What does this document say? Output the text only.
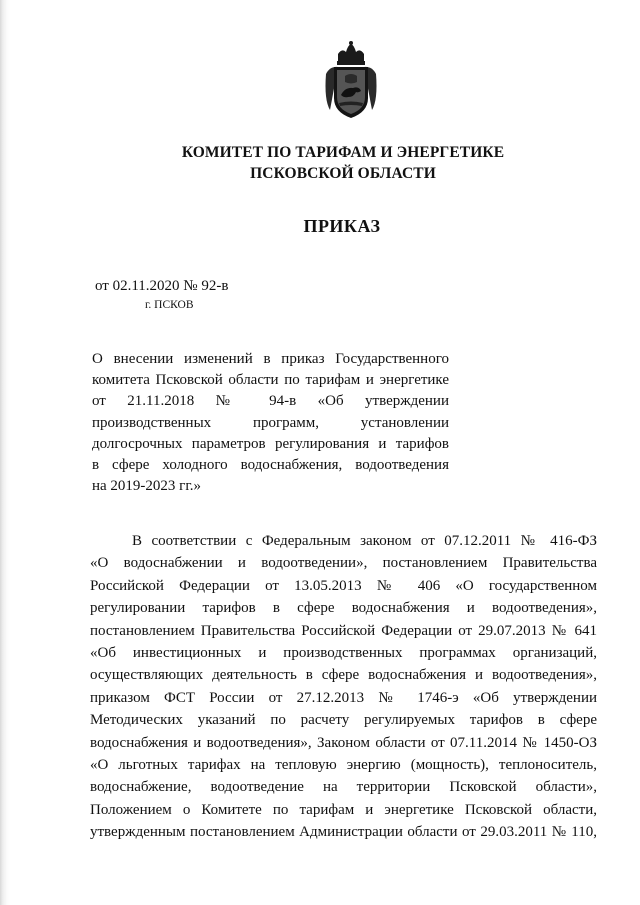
КОМИТЕТ ПО ТАРИФАМ И ЭНЕРГЕТИКЕ
ПСКОВСКОЙ ОБЛАСТИ
ПРИКАЗ
от 02.11.2020 № 92-в
г. ПСКОВ
О внесении изменений в приказ Государственного
комитета Псковской области по тарифам и энергетике
от 21.11.2018 № 94-в «Об утверждении
производственных программ, установлении
долгосрочных параметров регулирования и тарифов
в сфере холодного водоснабжения, водоотведения
на 2019-2023 гг.»
В соответствии с Федеральным законом от 07.12.2011 № 416-ФЗ
«О водоснабжении и водоотведении», постановлением Правительства
Российской Федерации от 13.05.2013 № 406 «О государственном
регулировании тарифов в сфере водоснабжения и водоотведения»,
постановлением Правительства Российской Федерации от 29.07.2013 № 641
«Об инвестиционных и производственных программах организаций,
осуществляющих деятельность в сфере водоснабжения и водоотведения»,
приказом ФСТ России от 27.12.2013 № 1746-э «Об утверждении
Методических указаний по расчету регулируемых тарифов в сфере
водоснабжения и водоотведения», Законом области от 07.11.2014 № 1450-ОЗ
«О льготных тарифах на тепловую энергию (мощность), теплоноситель,
водоснабжение, водоотведение на территории Псковской области»,
Положением о Комитете по тарифам и энергетике Псковской области,
утвержденным постановлением Администрации области от 29.03.2011 № 110,
